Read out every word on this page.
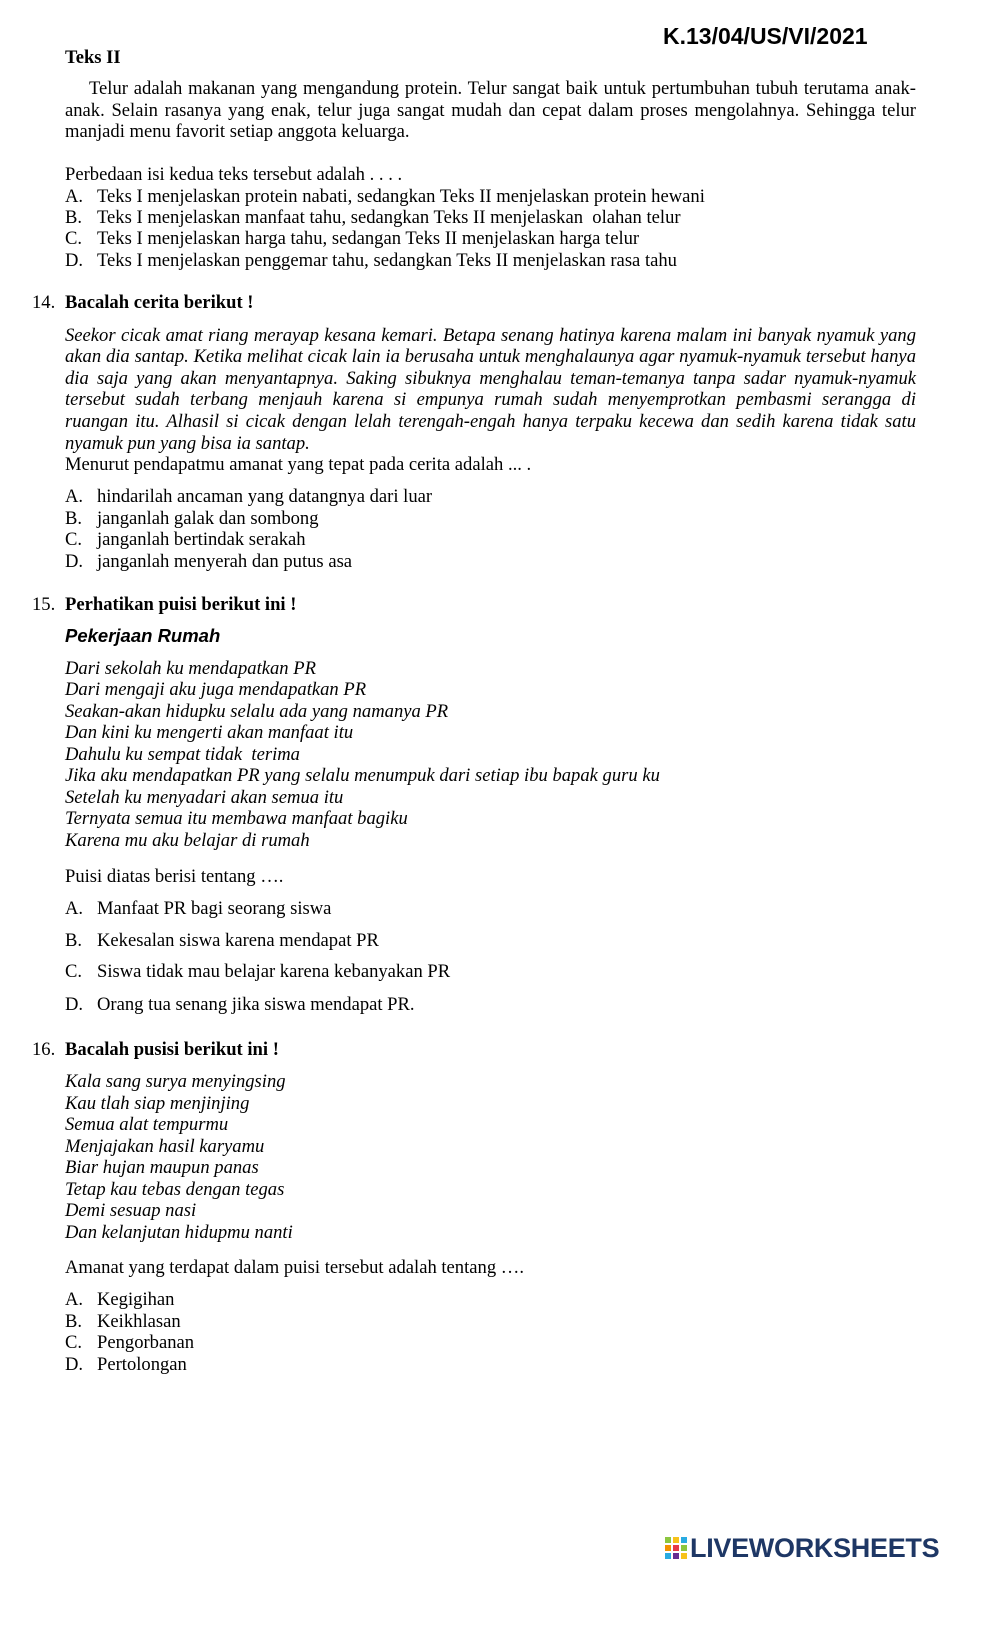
K.13/04/US/VI/2021
Teks II
Telur adalah makanan yang mengandung protein. Telur sangat baik untuk pertumbuhan tubuh terutama anak-
anak. Selain rasanya yang enak, telur juga sangat mudah dan cepat dalam proses mengolahnya. Sehingga telur
manjadi menu favorit setiap anggota keluarga.
Perbedaan isi kedua teks tersebut adalah . . . .
A. Teks I menjelaskan protein nabati, sedangkan Teks II menjelaskan protein hewani
B. Teks I menjelaskan manfaat tahu, sedangkan Teks II menjelaskan  olahan telur
C. Teks I menjelaskan harga tahu, sedangan Teks II menjelaskan harga telur
D. Teks I menjelaskan penggemar tahu, sedangkan Teks II menjelaskan rasa tahu
14. Bacalah cerita berikut !
Seekor cicak amat riang merayap kesana kemari. Betapa senang hatinya karena malam ini banyak nyamuk yang
akan dia santap. Ketika melihat cicak lain ia berusaha untuk menghalaunya agar nyamuk-nyamuk tersebut hanya
dia saja yang akan menyantapnya. Saking sibuknya menghalau teman-temanya tanpa sadar nyamuk-nyamuk
tersebut sudah terbang menjauh karena si empunya rumah sudah menyemprotkan pembasmi serangga di
ruangan itu. Alhasil si cicak dengan lelah terengah-engah hanya terpaku kecewa dan sedih karena tidak satu
nyamuk pun yang bisa ia santap.
Menurut pendapatmu amanat yang tepat pada cerita adalah ... .
A. hindarilah ancaman yang datangnya dari luar
B. janganlah galak dan sombong
C. janganlah bertindak serakah
D. janganlah menyerah dan putus asa
15. Perhatikan puisi berikut ini !
Pekerjaan Rumah
Dari sekolah ku mendapatkan PR
Dari mengaji aku juga mendapatkan PR
Seakan-akan hidupku selalu ada yang namanya PR
Dan kini ku mengerti akan manfaat itu
Dahulu ku sempat tidak  terima
Jika aku mendapatkan PR yang selalu menumpuk dari setiap ibu bapak guru ku
Setelah ku menyadari akan semua itu
Ternyata semua itu membawa manfaat bagiku
Karena mu aku belajar di rumah
Puisi diatas berisi tentang ….
A. Manfaat PR bagi seorang siswa
B. Kekesalan siswa karena mendapat PR
C. Siswa tidak mau belajar karena kebanyakan PR
D. Orang tua senang jika siswa mendapat PR.
16. Bacalah pusisi berikut ini !
Kala sang surya menyingsing
Kau tlah siap menjinjing
Semua alat tempurmu
Menjajakan hasil karyamu
Biar hujan maupun panas
Tetap kau tebas dengan tegas
Demi sesuap nasi
Dan kelanjutan hidupmu nanti
Amanat yang terdapat dalam puisi tersebut adalah tentang ….
A. Kegigihan
B. Keikhlasan
C. Pengorbanan
D. Pertolongan
LIVEWORKSHEETS
